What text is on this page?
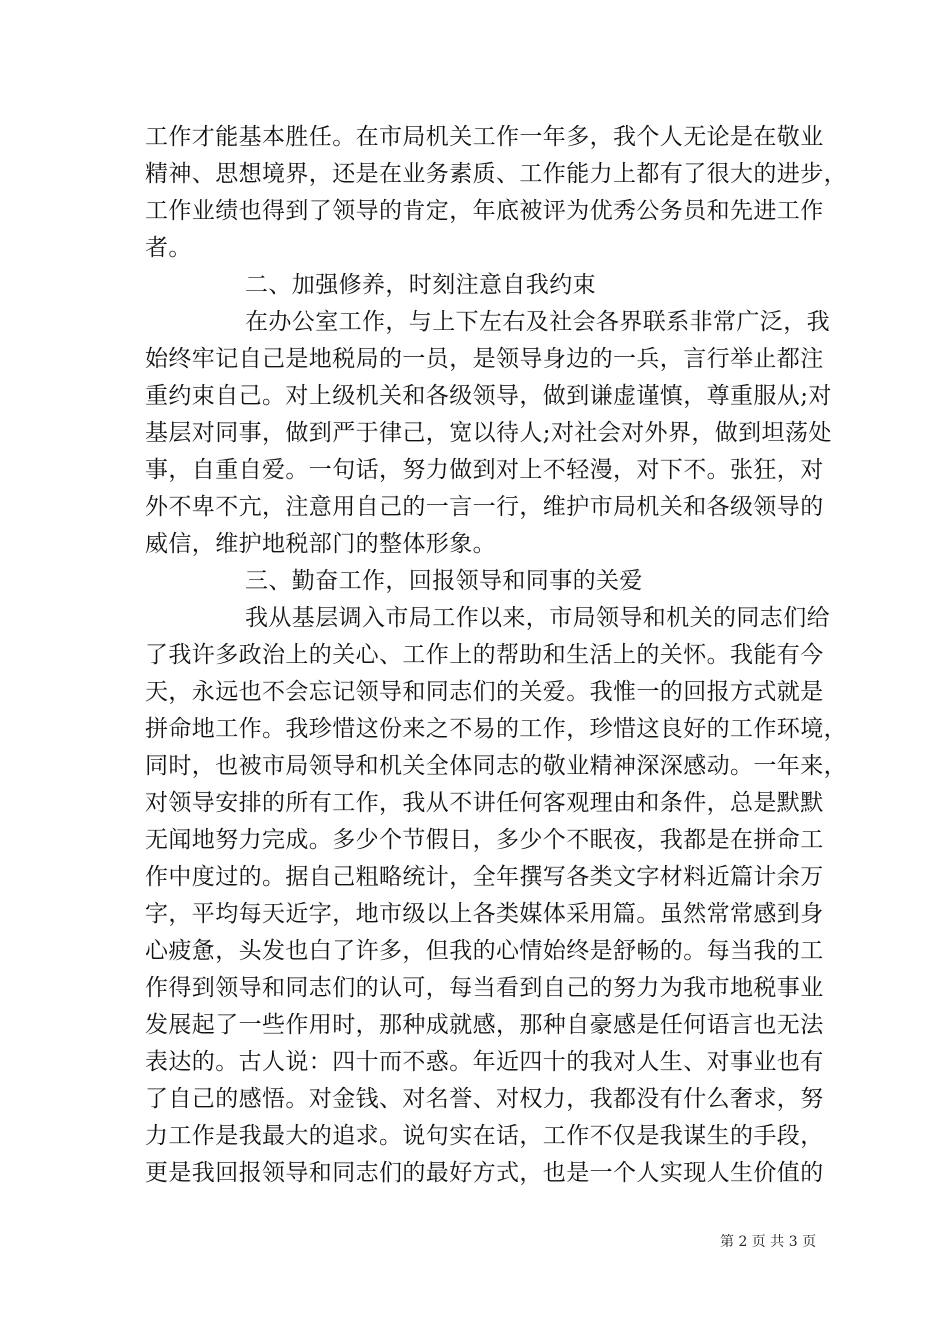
工作才能基本胜任。在市局机关工作一年多，我个人无论是在敬业
精神、思想境界，还是在业务素质、工作能力上都有了很大的进步，
工作业绩也得到了领导的肯定，年底被评为优秀公务员和先进工作
者。
二、加强修养，时刻注意自我约束
在办公室工作，与上下左右及社会各界联系非常广泛，我
始终牢记自己是地税局的一员，是领导身边的一兵，言行举止都注
重约束自己。对上级机关和各级领导，做到谦虚谨慎，尊重服从;对
基层对同事，做到严于律己，宽以待人;对社会对外界，做到坦荡处
事，自重自爱。一句话，努力做到对上不轻漫，对下不。张狂，对
外不卑不亢，注意用自己的一言一行，维护市局机关和各级领导的
威信，维护地税部门的整体形象。
三、勤奋工作，回报领导和同事的关爱
我从基层调入市局工作以来，市局领导和机关的同志们给
了我许多政治上的关心、工作上的帮助和生活上的关怀。我能有今
天，永远也不会忘记领导和同志们的关爱。我惟一的回报方式就是
拼命地工作。我珍惜这份来之不易的工作，珍惜这良好的工作环境，
同时，也被市局领导和机关全体同志的敬业精神深深感动。一年来，
对领导安排的所有工作，我从不讲任何客观理由和条件，总是默默
无闻地努力完成。多少个节假日，多少个不眠夜，我都是在拼命工
作中度过的。据自己粗略统计，全年撰写各类文字材料近篇计余万
字，平均每天近字，地市级以上各类媒体采用篇。虽然常常感到身
心疲惫，头发也白了许多，但我的心情始终是舒畅的。每当我的工
作得到领导和同志们的认可，每当看到自己的努力为我市地税事业
发展起了一些作用时，那种成就感，那种自豪感是任何语言也无法
表达的。古人说：四十而不惑。年近四十的我对人生、对事业也有
了自己的感悟。对金钱、对名誉、对权力，我都没有什么奢求，努
力工作是我最大的追求。说句实在话，工作不仅是我谋生的手段，
更是我回报领导和同志们的最好方式，也是一个人实现人生价值的
第 2 页 共 3 页
